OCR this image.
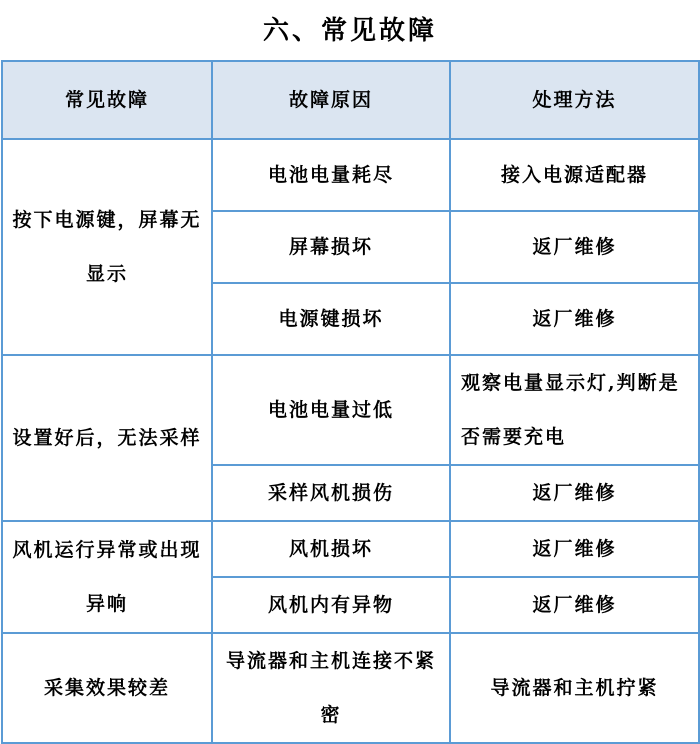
六、常见故障
常见故障	故障原因	处理方法
按下电源键，屏幕无显示	电池电量耗尽	接入电源适配器
	屏幕损坏	返厂维修
	电源键损坏	返厂维修
设置好后，无法采样	电池电量过低	观察电量显示灯,判断是否需要充电
	采样风机损伤	返厂维修
风机运行异常或出现异响	风机损坏	返厂维修
	风机内有异物	返厂维修
采集效果较差	导流器和主机连接不紧密	导流器和主机拧紧
